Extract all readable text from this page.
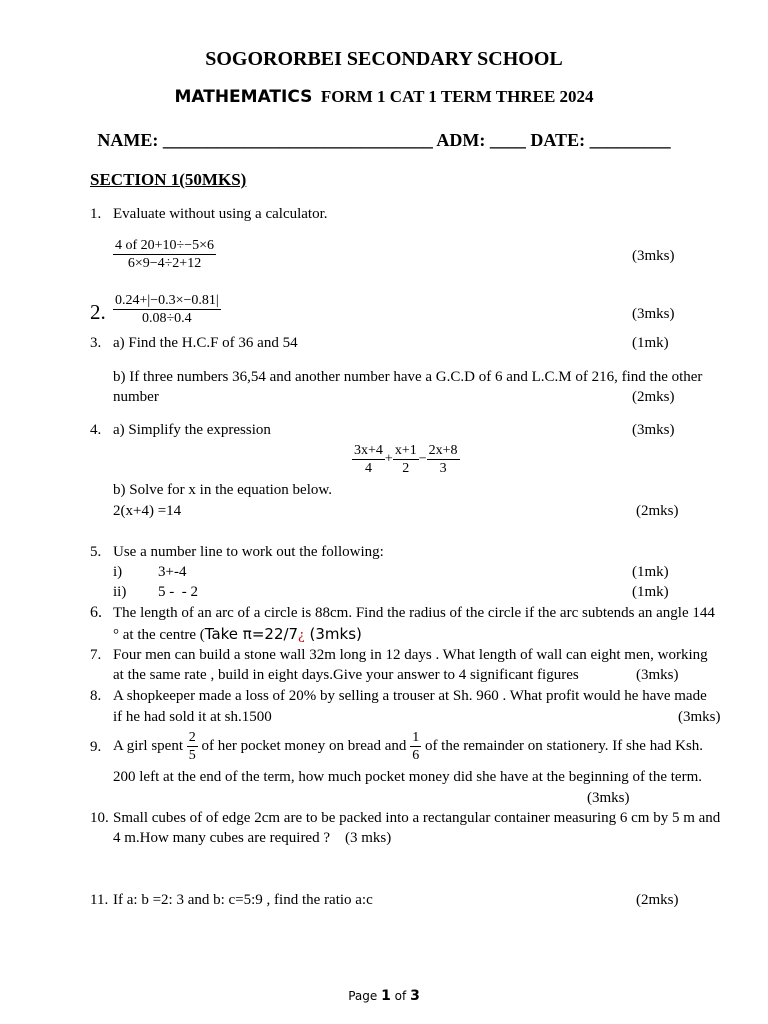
SOGORORBEI SECONDARY SCHOOL
MATHEMATICS FORM 1 CAT 1 TERM THREE 2024
NAME: ______________________________ ADM: ____ DATE: _________
SECTION 1(50MKS)
1. Evaluate without using a calculator.
$\frac{4 of 20+10\div-5\times 6}{6\times 9-4\div 2+12}$	(3mks)
2. $\frac{0.24+|-0.3\times-0.81|}{0.08\div 0.4}$	(3mks)
3. a) Find the H.C.F of 36 and 54	(1mk)
b) If three numbers 36,54 and another number have a G.C.D of 6 and L.C.M of 216, find the other
number	(2mks)
4. a) Simplify the expression	(3mks)
$\frac{3x+4}{4} + \frac{x+1}{2} - \frac{2x+8}{3}$
b) Solve for x in the equation below.
2(x+4) =14	(2mks)
5. Use a number line to work out the following:
i) 3+-4	(1mk)
ii) 5 -  - 2	(1mk)
6. The length of an arc of a circle is 88cm. Find the radius of the circle if the arc subtends an angle 144
° at the centre (Take π=22/7¿ (3mks)
7. Four men can build a stone wall 32m long in 12 days . What length of wall can eight men, working
at the same rate , build in eight days.Give your answer to 4 significant figures	(3mks)
8. A shopkeeper made a loss of 20% by selling a trouser at Sh. 960 . What profit would he have made
if he had sold it at sh.1500	(3mks)
9. A girl spent $\frac{2}{5}$ of her pocket money on bread and $\frac{1}{6}$ of the remainder on stationery. If she had Ksh.
200 left at the end of the term, how much pocket money did she have at the beginning of the term.
(3mks)
10. Small cubes of of edge 2cm are to be packed into a rectangular container measuring 6 cm by 5 m and
4 m.How many cubes are required ?    (3 mks)
11. If a: b =2: 3 and b: c=5:9 , find the ratio a:c	(2mks)
Page 1 of 3
